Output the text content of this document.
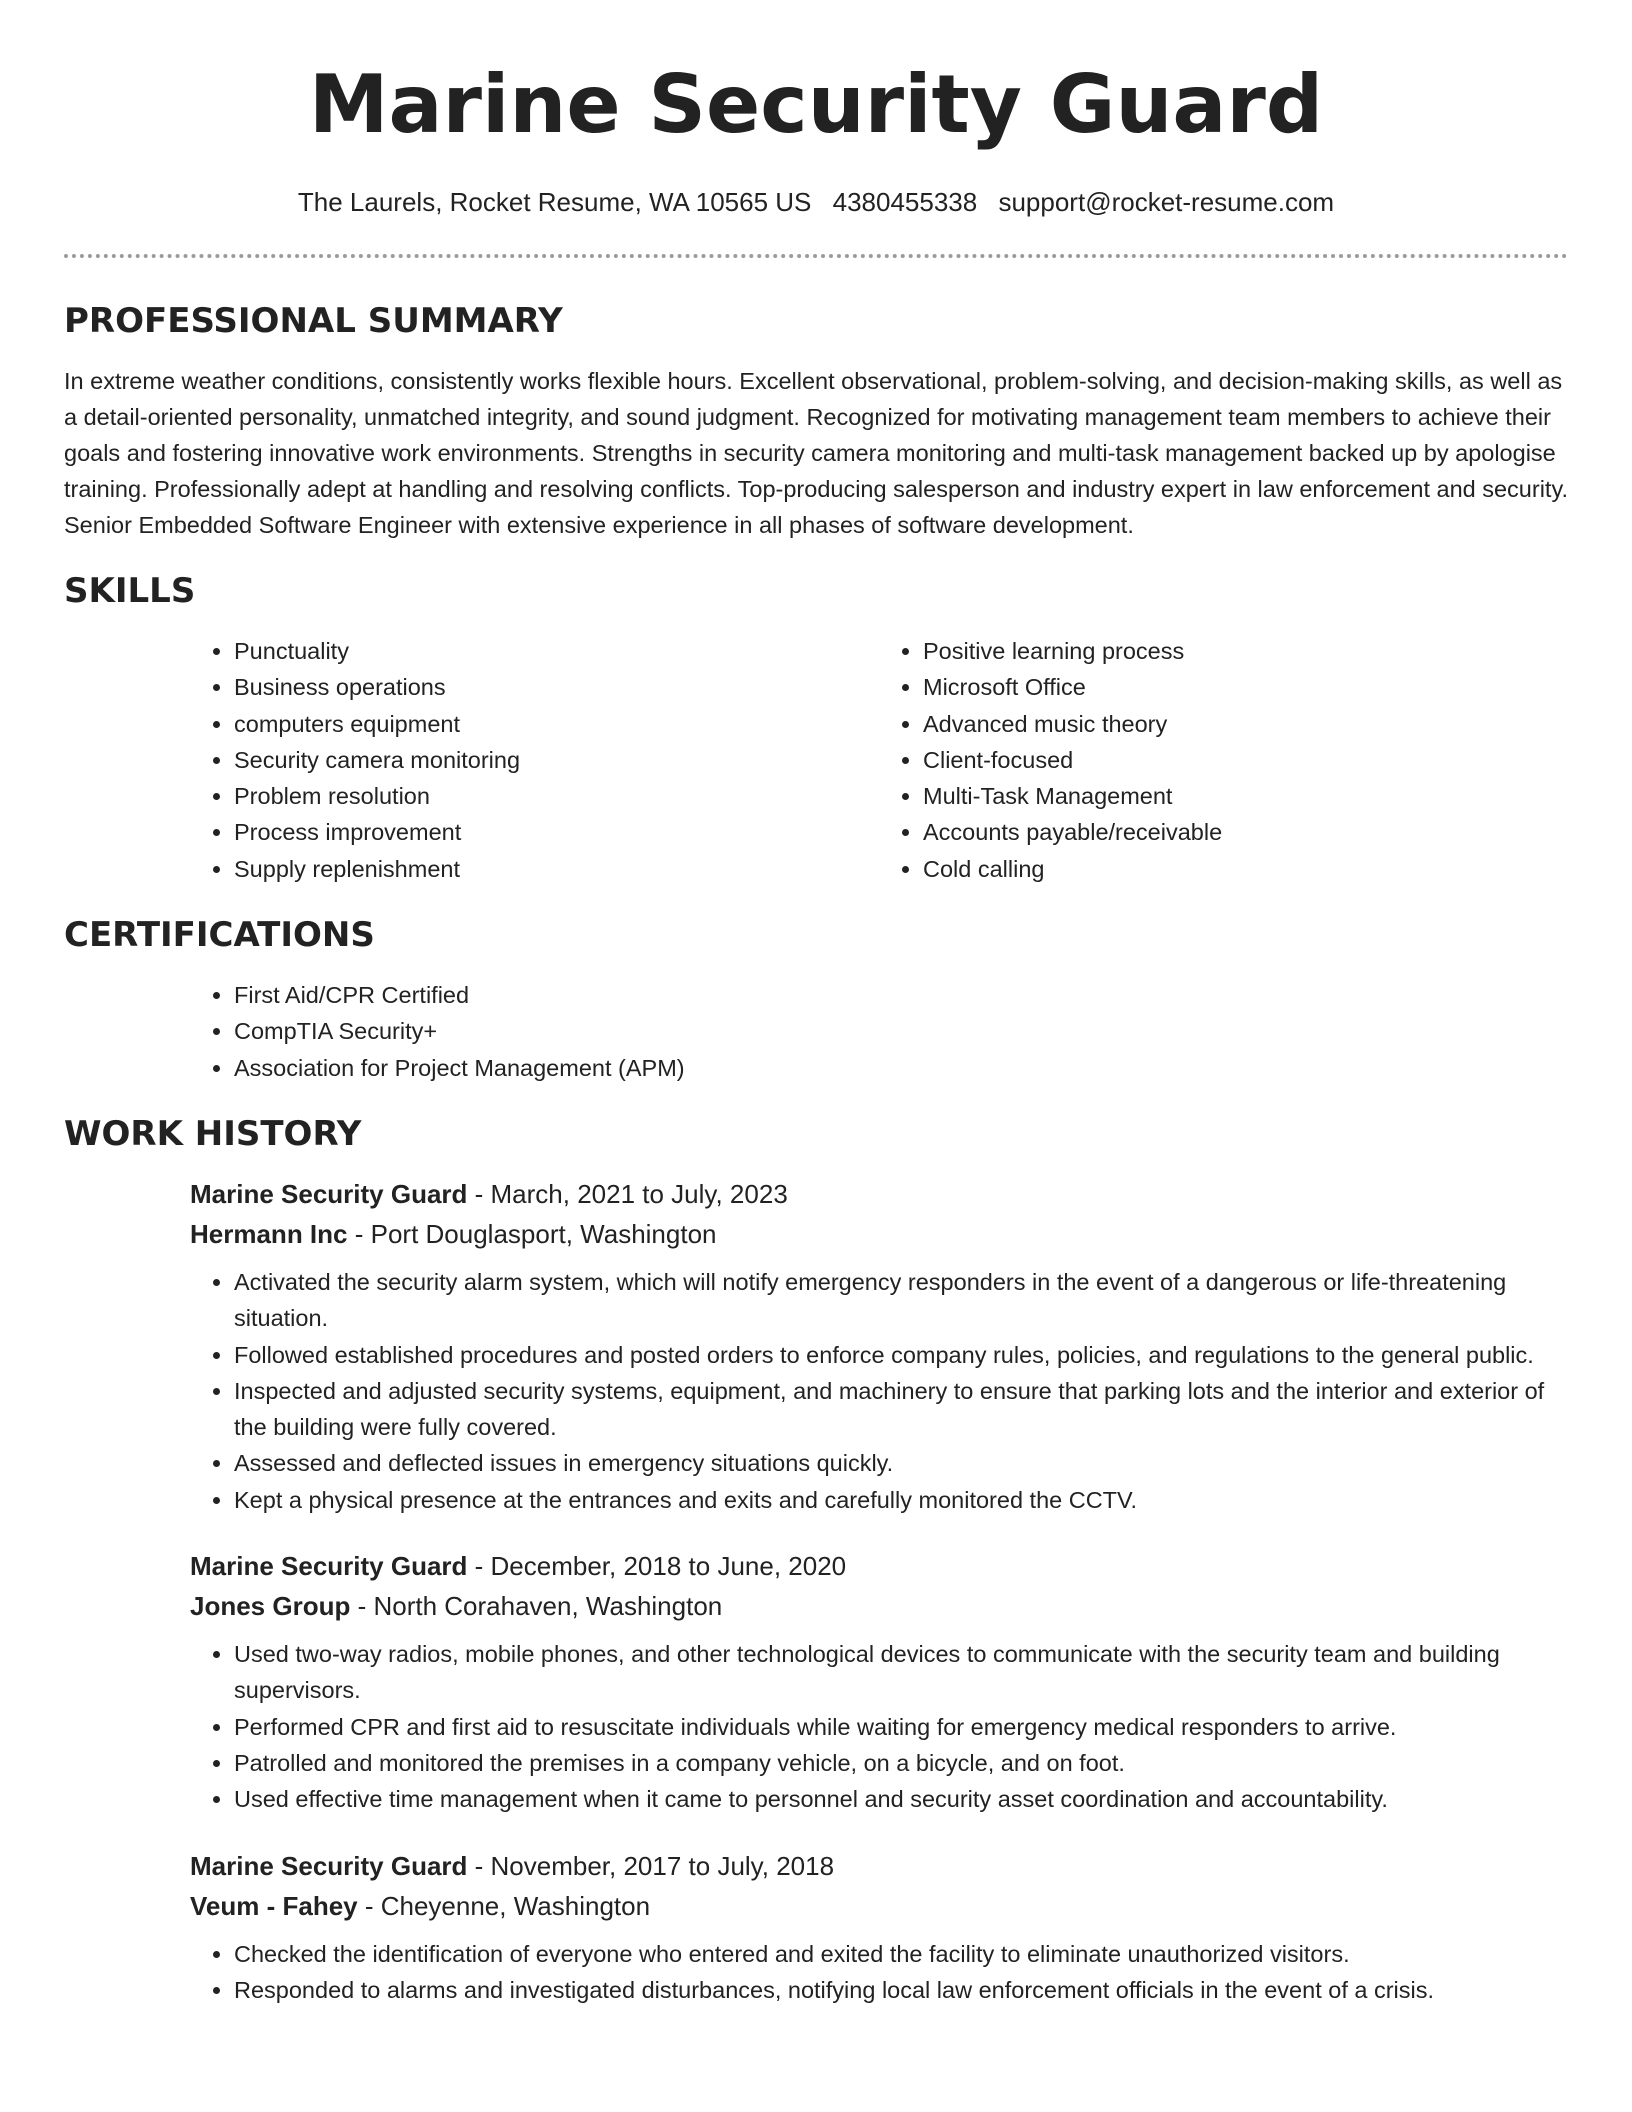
Marine Security Guard
The Laurels, Rocket Resume, WA 10565 US 4380455338 support@rocket-resume.com
PROFESSIONAL SUMMARY

In extreme weather conditions, consistently works flexible hours. Excellent observational, problem-solving, and decision-making skills, as well as a detail-oriented personality, unmatched integrity, and sound judgment. Recognized for motivating management team members to achieve their goals and fostering innovative work environments. Strengths in security camera monitoring and multi-task management backed up by apologise training. Professionally adept at handling and resolving conflicts. Top-producing salesperson and industry expert in law enforcement and security. Senior Embedded Software Engineer with extensive experience in all phases of software development.

SKILLS
• Punctuality
• Business operations
• computers equipment
• Security camera monitoring
• Problem resolution
• Process improvement
• Supply replenishment
• Positive learning process
• Microsoft Office
• Advanced music theory
• Client-focused
• Multi-Task Management
• Accounts payable/receivable
• Cold calling
CERTIFICATIONS
• First Aid/CPR Certified
• CompTIA Security+
• Association for Project Management (APM)
WORK HISTORY

Marine Security Guard - March, 2021 to July, 2023

Hermann Inc - Port Douglasport, Washington

• Activated the security alarm system, which will notify emergency responders in the event of a dangerous or life-threatening situation.
• Followed established procedures and posted orders to enforce company rules, policies, and regulations to the general public.
• Inspected and adjusted security systems, equipment, and machinery to ensure that parking lots and the interior and exterior of the building were fully covered.
• Assessed and deflected issues in emergency situations quickly.
• Kept a physical presence at the entrances and exits and carefully monitored the CCTV.

Marine Security Guard - December, 2018 to June, 2020

Jones Group - North Corahaven, Washington

• Used two-way radios, mobile phones, and other technological devices to communicate with the security team and building supervisors.
• Performed CPR and first aid to resuscitate individuals while waiting for emergency medical responders to arrive.
• Patrolled and monitored the premises in a company vehicle, on a bicycle, and on foot.
• Used effective time management when it came to personnel and security asset coordination and accountability.

Marine Security Guard - November, 2017 to July, 2018

Veum - Fahey - Cheyenne, Washington

• Checked the identification of everyone who entered and exited the facility to eliminate unauthorized visitors.
• Responded to alarms and investigated disturbances, notifying local law enforcement officials in the event of a crisis.
